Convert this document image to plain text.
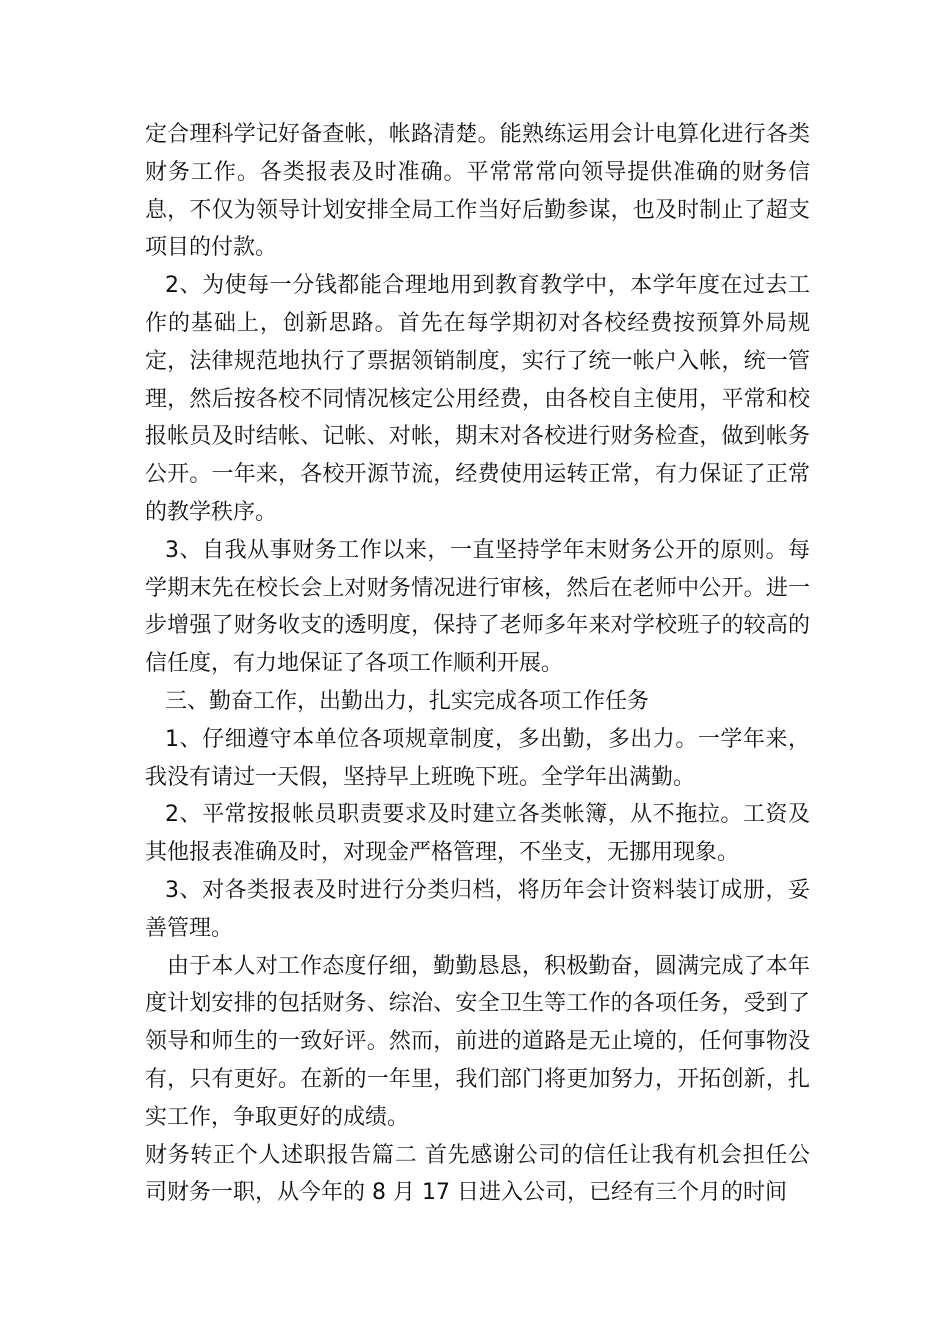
定合理科学记好备查帐，帐路清楚。能熟练运用会计电算化进行各类财务工作。各类报表及时准确。平常常常向领导提供准确的财务信息，不仅为领导计划安排全局工作当好后勤参谋，也及时制止了超支项目的付款。

2、为使每一分钱都能合理地用到教育教学中，本学年度在过去工作的基础上，创新思路。首先在每学期初对各校经费按预算外局规定，法律规范地执行了票据领销制度，实行了统一帐户入帐，统一管理，然后按各校不同情况核定公用经费，由各校自主使用，平常和校报帐员及时结帐、记帐、对帐，期末对各校进行财务检查，做到帐务公开。一年来，各校开源节流，经费使用运转正常，有力保证了正常的教学秩序。

3、自我从事财务工作以来，一直坚持学年末财务公开的原则。每学期末先在校长会上对财务情况进行审核，然后在老师中公开。进一步增强了财务收支的透明度，保持了老师多年来对学校班子的较高的信任度，有力地保证了各项工作顺利开展。

三、勤奋工作，出勤出力，扎实完成各项工作任务

1、仔细遵守本单位各项规章制度，多出勤，多出力。一学年来，我没有请过一天假，坚持早上班晚下班。全学年出满勤。

2、平常按报帐员职责要求及时建立各类帐簿，从不拖拉。工资及其他报表准确及时，对现金严格管理，不坐支，无挪用现象。

3、对各类报表及时进行分类归档，将历年会计资料装订成册，妥善管理。

由于本人对工作态度仔细，勤勤恳恳，积极勤奋，圆满完成了本年度计划安排的包括财务、综治、安全卫生等工作的各项任务，受到了领导和师生的一致好评。然而，前进的道路是无止境的，任何事物没有，只有更好。在新的一年里，我们部门将更加努力，开拓创新，扎实工作，争取更好的成绩。

财务转正个人述职报告篇二 首先感谢公司的信任让我有机会担任公司财务一职，从今年的 8 月 17 日进入公司，已经有三个月的时间
